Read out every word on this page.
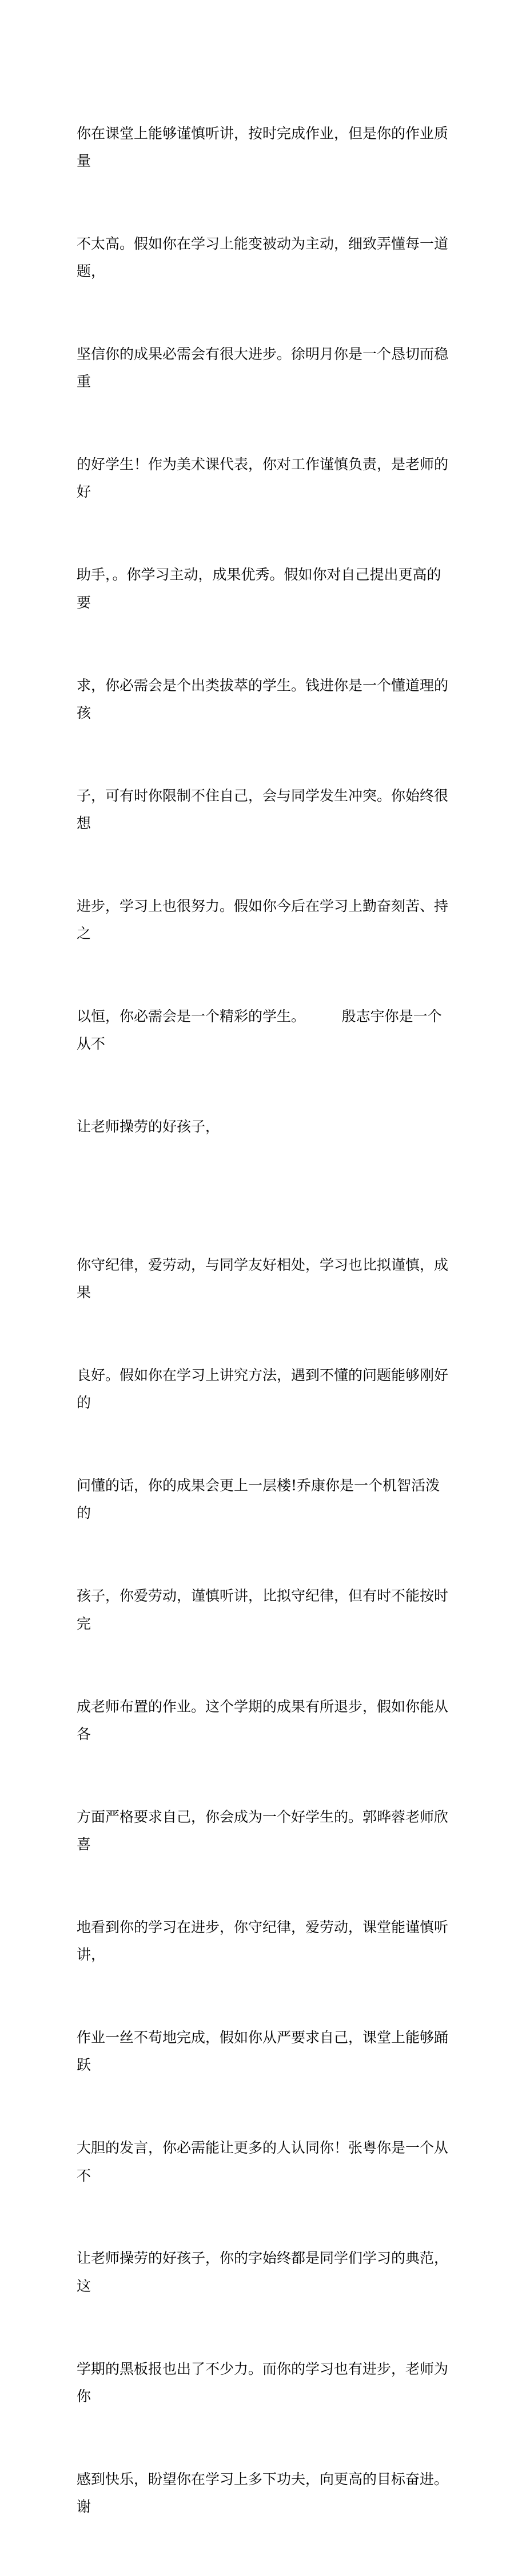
你在课堂上能够谨慎听讲，按时完成作业，但是你的作业质量

不太高。假如你在学习上能变被动为主动，细致弄懂每一道题，

坚信你的成果必需会有很大进步。徐明月你是一个恳切而稳重

的好学生！作为美术课代表，你对工作谨慎负责，是老师的好

助手，。你学习主动，成果优秀。假如你对自己提出更高的要

求，你必需会是个出类拔萃的学生。钱进你是一个懂道理的孩

子，可有时你限制不住自己，会与同学发生冲突。你始终很想

进步，学习上也很努力。假如你今后在学习上勤奋刻苦、持之

以恒，你必需会是一个精彩的学生。        殷志宇你是一个从不

让老师操劳的好孩子，

你守纪律，爱劳动，与同学友好相处，学习也比拟谨慎，成果

良好。假如你在学习上讲究方法，遇到不懂的问题能够刚好的

问懂的话，你的成果会更上一层楼!乔康你是一个机智活泼的

孩子，你爱劳动，谨慎听讲，比拟守纪律，但有时不能按时完

成老师布置的作业。这个学期的成果有所退步，假如你能从各

方面严格要求自己，你会成为一个好学生的。郭晔蓉老师欣喜

地看到你的学习在进步，你守纪律，爱劳动，课堂能谨慎听讲，

作业一丝不苟地完成，假如你从严要求自己，课堂上能够踊跃

大胆的发言，你必需能让更多的人认同你！张粤你是一个从不

让老师操劳的好孩子，你的字始终都是同学们学习的典范，这

学期的黑板报也出了不少力。而你的学习也有进步，老师为你

感到快乐，盼望你在学习上多下功夫，向更高的目标奋进。谢
